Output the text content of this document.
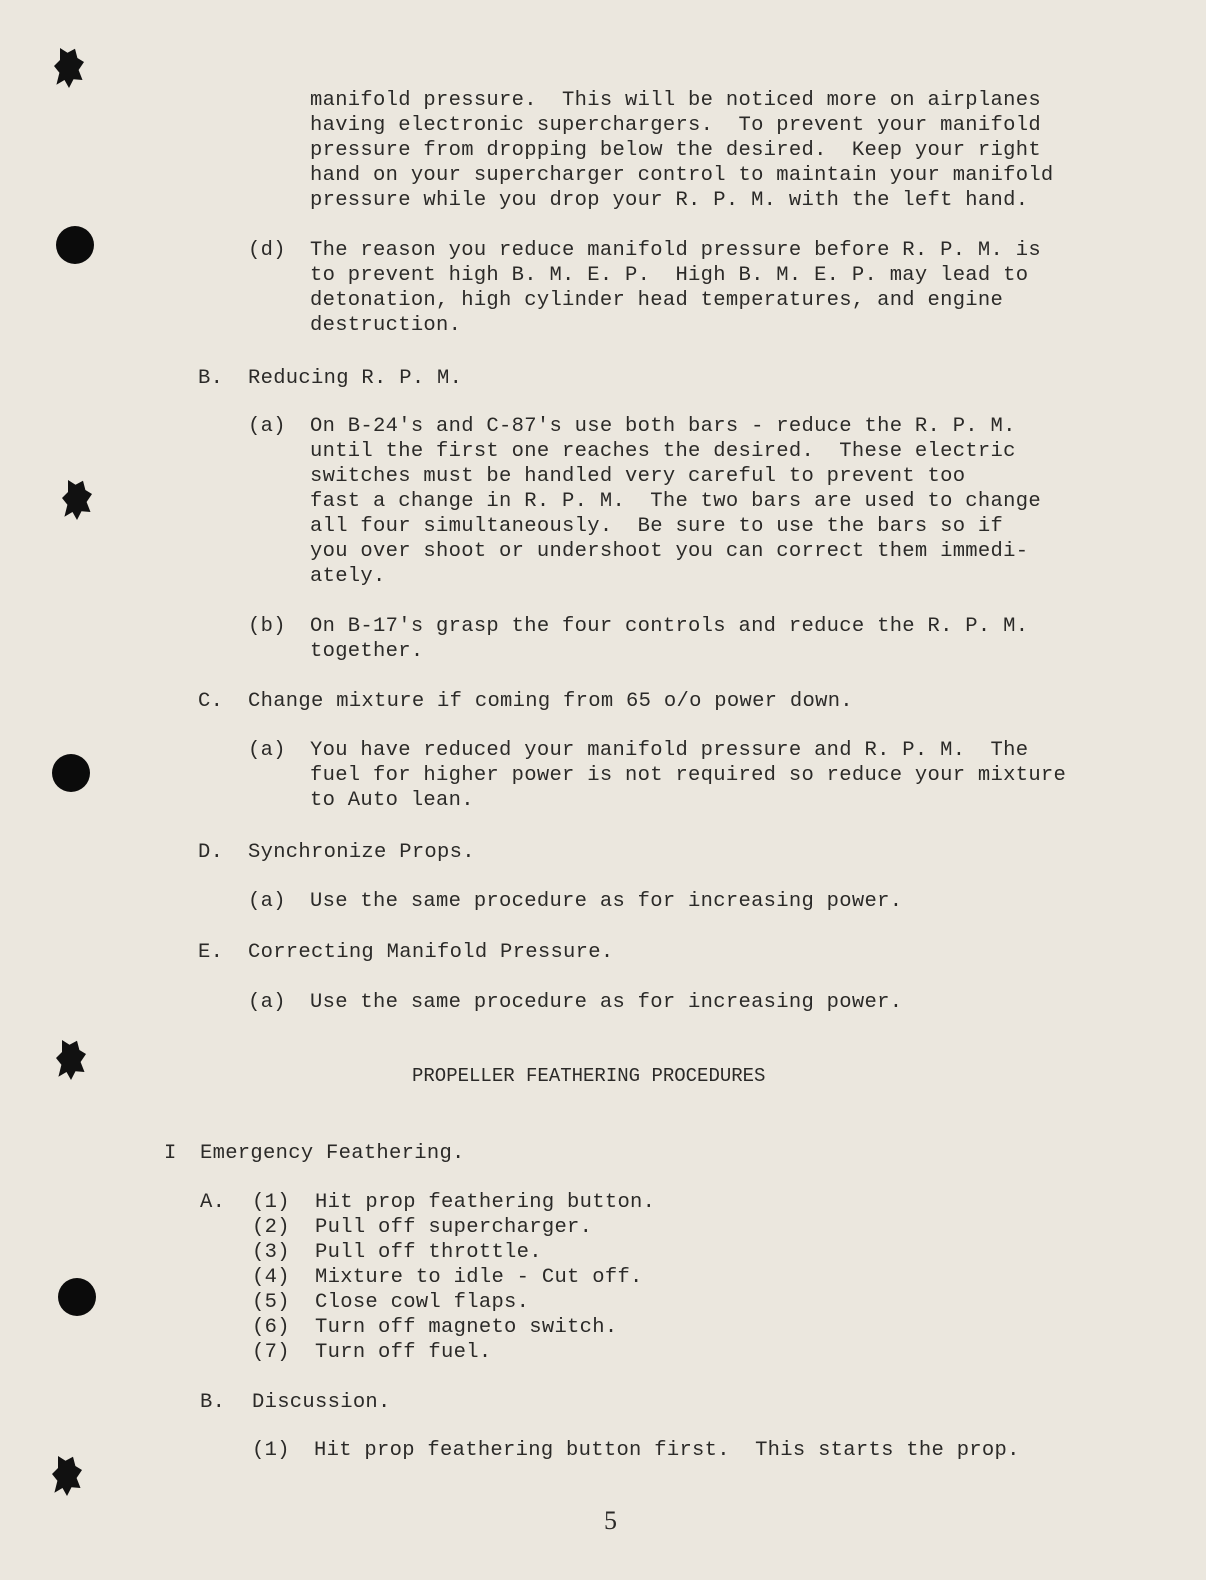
manifold pressure.  This will be noticed more on airplanes
having electronic superchargers.  To prevent your manifold
pressure from dropping below the desired.  Keep your right
hand on your supercharger control to maintain your manifold
pressure while you drop your R. P. M. with the left hand.
(d) The reason you reduce manifold pressure before R. P. M. is
to prevent high B. M. E. P.  High B. M. E. P. may lead to
detonation, high cylinder head temperatures, and engine
destruction.
B. Reducing R. P. M.
(a) On B-24's and C-87's use both bars - reduce the R. P. M.
until the first one reaches the desired.  These electric
switches must be handled very careful to prevent too
fast a change in R. P. M.  The two bars are used to change
all four simultaneously.  Be sure to use the bars so if
you over shoot or undershoot you can correct them immedi-
ately.
(b) On B-17's grasp the four controls and reduce the R. P. M.
together.
C. Change mixture if coming from 65 o/o power down.
(a) You have reduced your manifold pressure and R. P. M.  The
fuel for higher power is not required so reduce your mixture
to Auto lean.
D. Synchronize Props.
(a) Use the same procedure as for increasing power.
E. Correcting Manifold Pressure.
(a) Use the same procedure as for increasing power.
PROPELLER FEATHERING PROCEDURES
I Emergency Feathering.
A. (1)  Hit prop feathering button.
(2)  Pull off supercharger.
(3)  Pull off throttle.
(4)  Mixture to idle - Cut off.
(5)  Close cowl flaps.
(6)  Turn off magneto switch.
(7)  Turn off fuel.
B. Discussion.
(1) Hit prop feathering button first.  This starts the prop.
5
